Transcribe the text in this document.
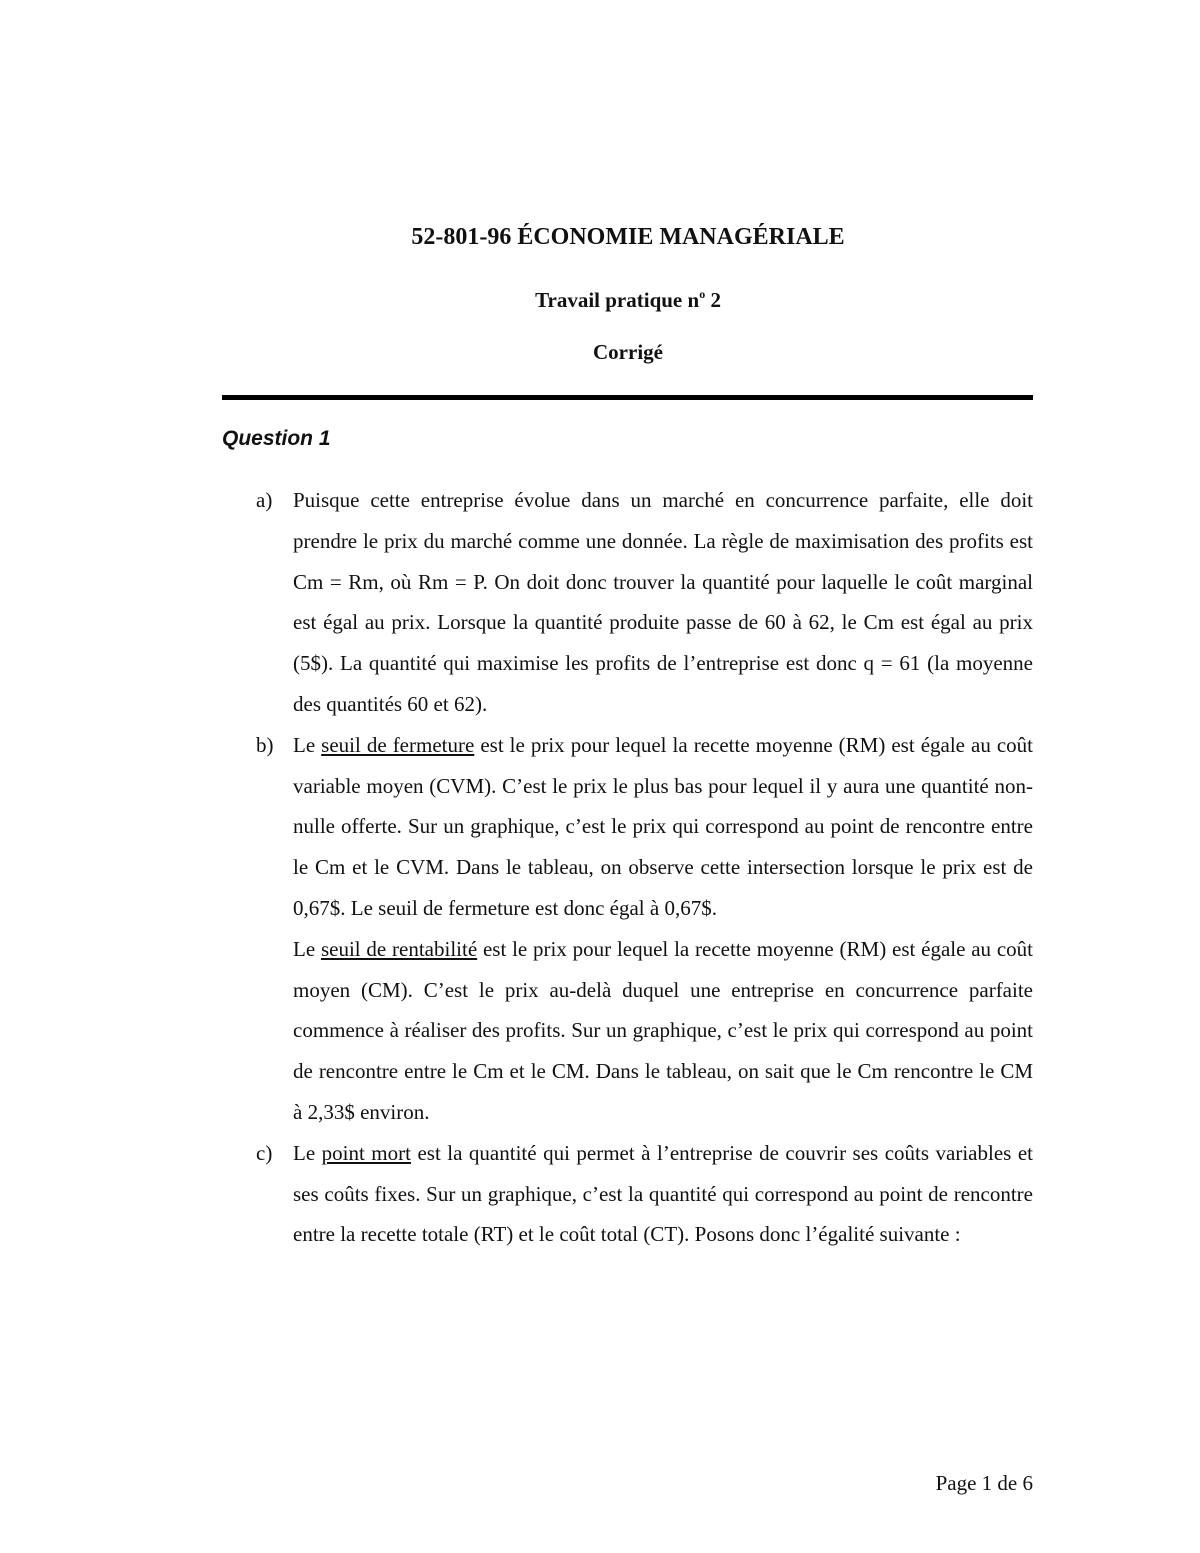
52-801-96 ÉCONOMIE MANAGÉRIALE
Travail pratique $n^o$ 2
Corrigé
Question 1
a) Puisque cette entreprise évolue dans un marché en concurrence parfaite, elle doit prendre le prix du marché comme une donnée. La règle de maximisation des profits est Cm = Rm, où Rm = P. On doit donc trouver la quantité pour laquelle le coût marginal est égal au prix. Lorsque la quantité produite passe de 60 à 62, le Cm est égal au prix (5$). La quantité qui maximise les profits de l’entreprise est donc q = 61 (la moyenne des quantités 60 et 62).

b) Le seuil de fermeture est le prix pour lequel la recette moyenne (RM) est égale au coût variable moyen (CVM). C’est le prix le plus bas pour lequel il y aura une quantité non-nulle offerte. Sur un graphique, c’est le prix qui correspond au point de rencontre entre le Cm et le CVM. Dans le tableau, on observe cette intersection lorsque le prix est de 0,67$. Le seuil de fermeture est donc égal à 0,67$.

Le seuil de rentabilité est le prix pour lequel la recette moyenne (RM) est égale au coût moyen (CM). C’est le prix au-delà duquel une entreprise en concurrence parfaite commence à réaliser des profits. Sur un graphique, c’est le prix qui correspond au point de rencontre entre le Cm et le CM. Dans le tableau, on sait que le Cm rencontre le CM à 2,33$ environ.

c) Le point mort est la quantité qui permet à l’entreprise de couvrir ses coûts variables et ses coûts fixes. Sur un graphique, c’est la quantité qui correspond au point de rencontre entre la recette totale (RT) et le coût total (CT). Posons donc l’égalité suivante :

Page 1 de 6
